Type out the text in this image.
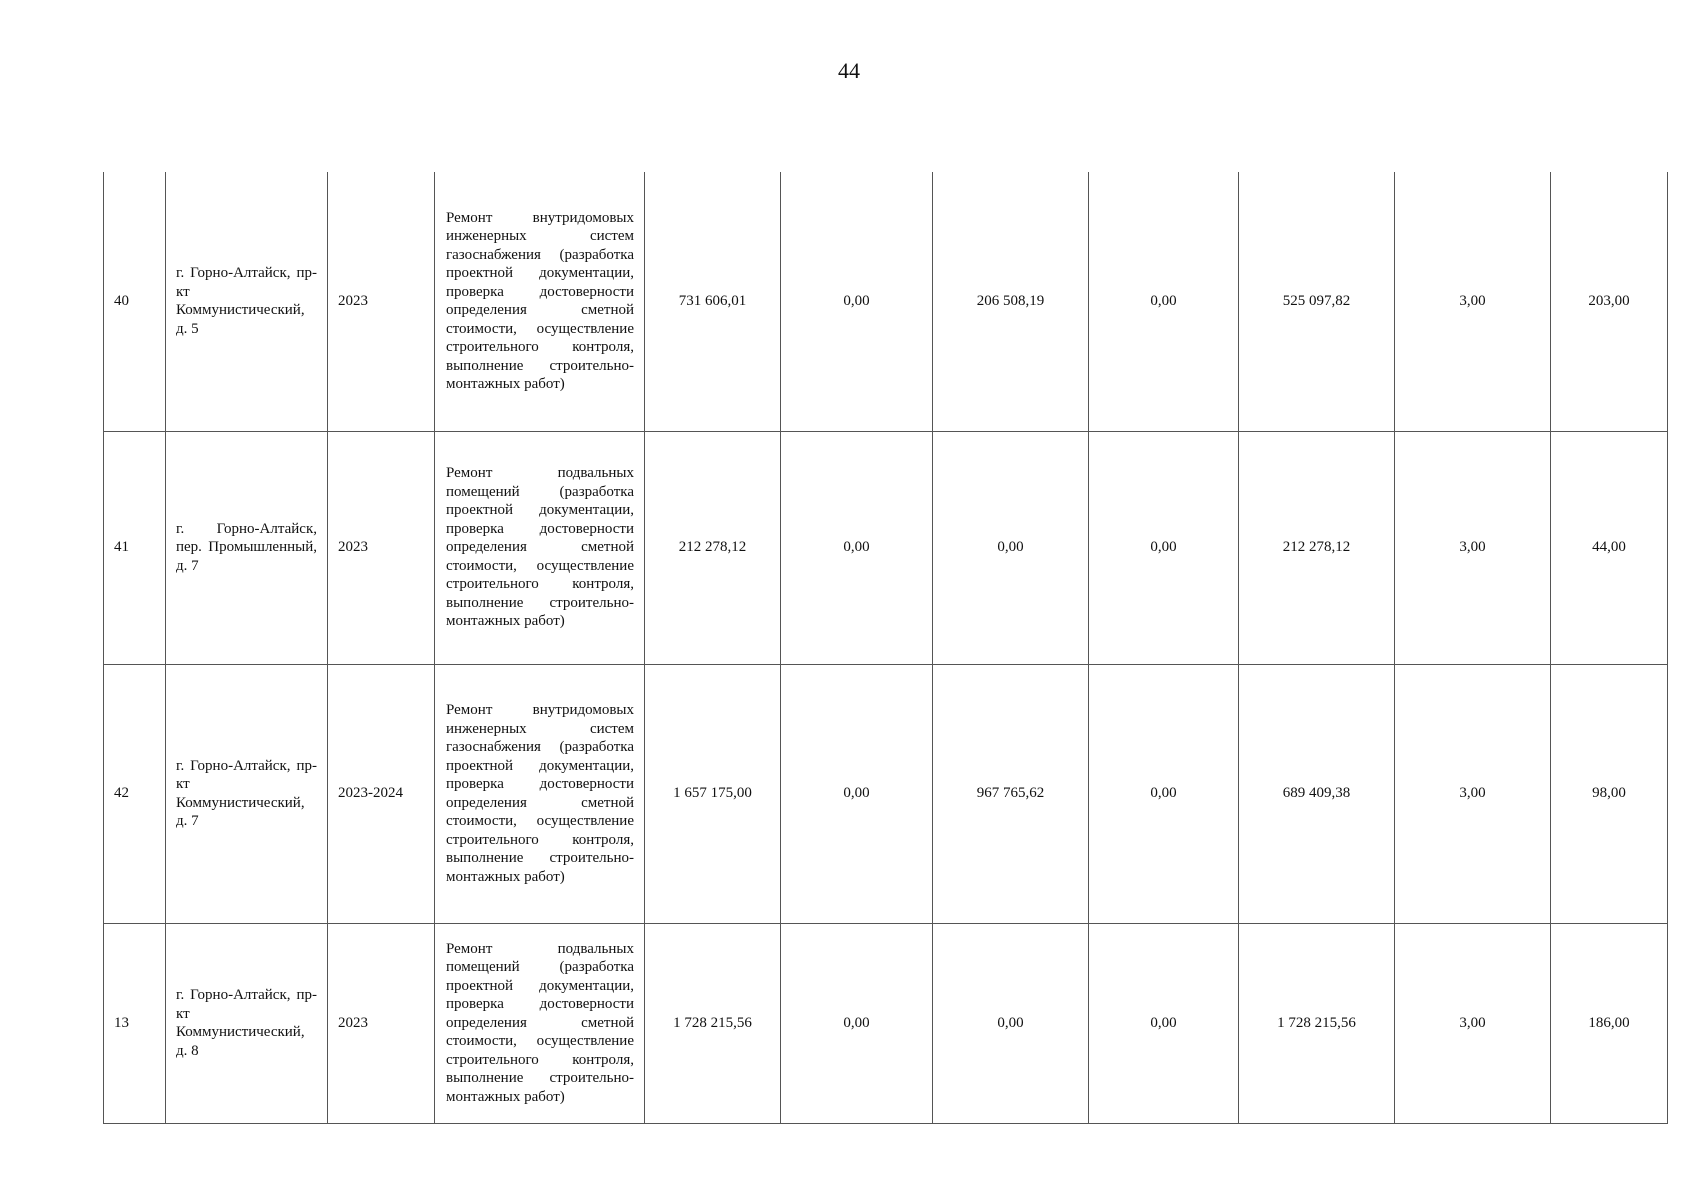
44
40	г. Горно-Алтайск, пр-кт Коммунистический, д. 5	2023	Ремонт внутридомовых инженерных систем газоснабжения (разработка проектной документации, проверка достоверности определения сметной стоимости, осуществление строительного контроля, выполнение строительно-монтажных работ)	731 606,01	0,00	206 508,19	0,00	525 097,82	3,00	203,00
41	г. Горно-Алтайск, пер. Промышленный, д. 7	2023	Ремонт подвальных помещений (разработка проектной документации, проверка достоверности определения сметной стоимости, осуществление строительного контроля, выполнение строительно-монтажных работ)	212 278,12	0,00	0,00	0,00	212 278,12	3,00	44,00
42	г. Горно-Алтайск, пр-кт Коммунистический, д. 7	2023-2024	Ремонт внутридомовых инженерных систем газоснабжения (разработка проектной документации, проверка достоверности определения сметной стоимости, осуществление строительного контроля, выполнение строительно-монтажных работ)	1 657 175,00	0,00	967 765,62	0,00	689 409,38	3,00	98,00
13	г. Горно-Алтайск, пр-кт Коммунистический, д. 8	2023	Ремонт подвальных помещений (разработка проектной документации, проверка достоверности определения сметной стоимости, осуществление строительного контроля, выполнение строительно-монтажных работ)	1 728 215,56	0,00	0,00	0,00	1 728 215,56	3,00	186,00
